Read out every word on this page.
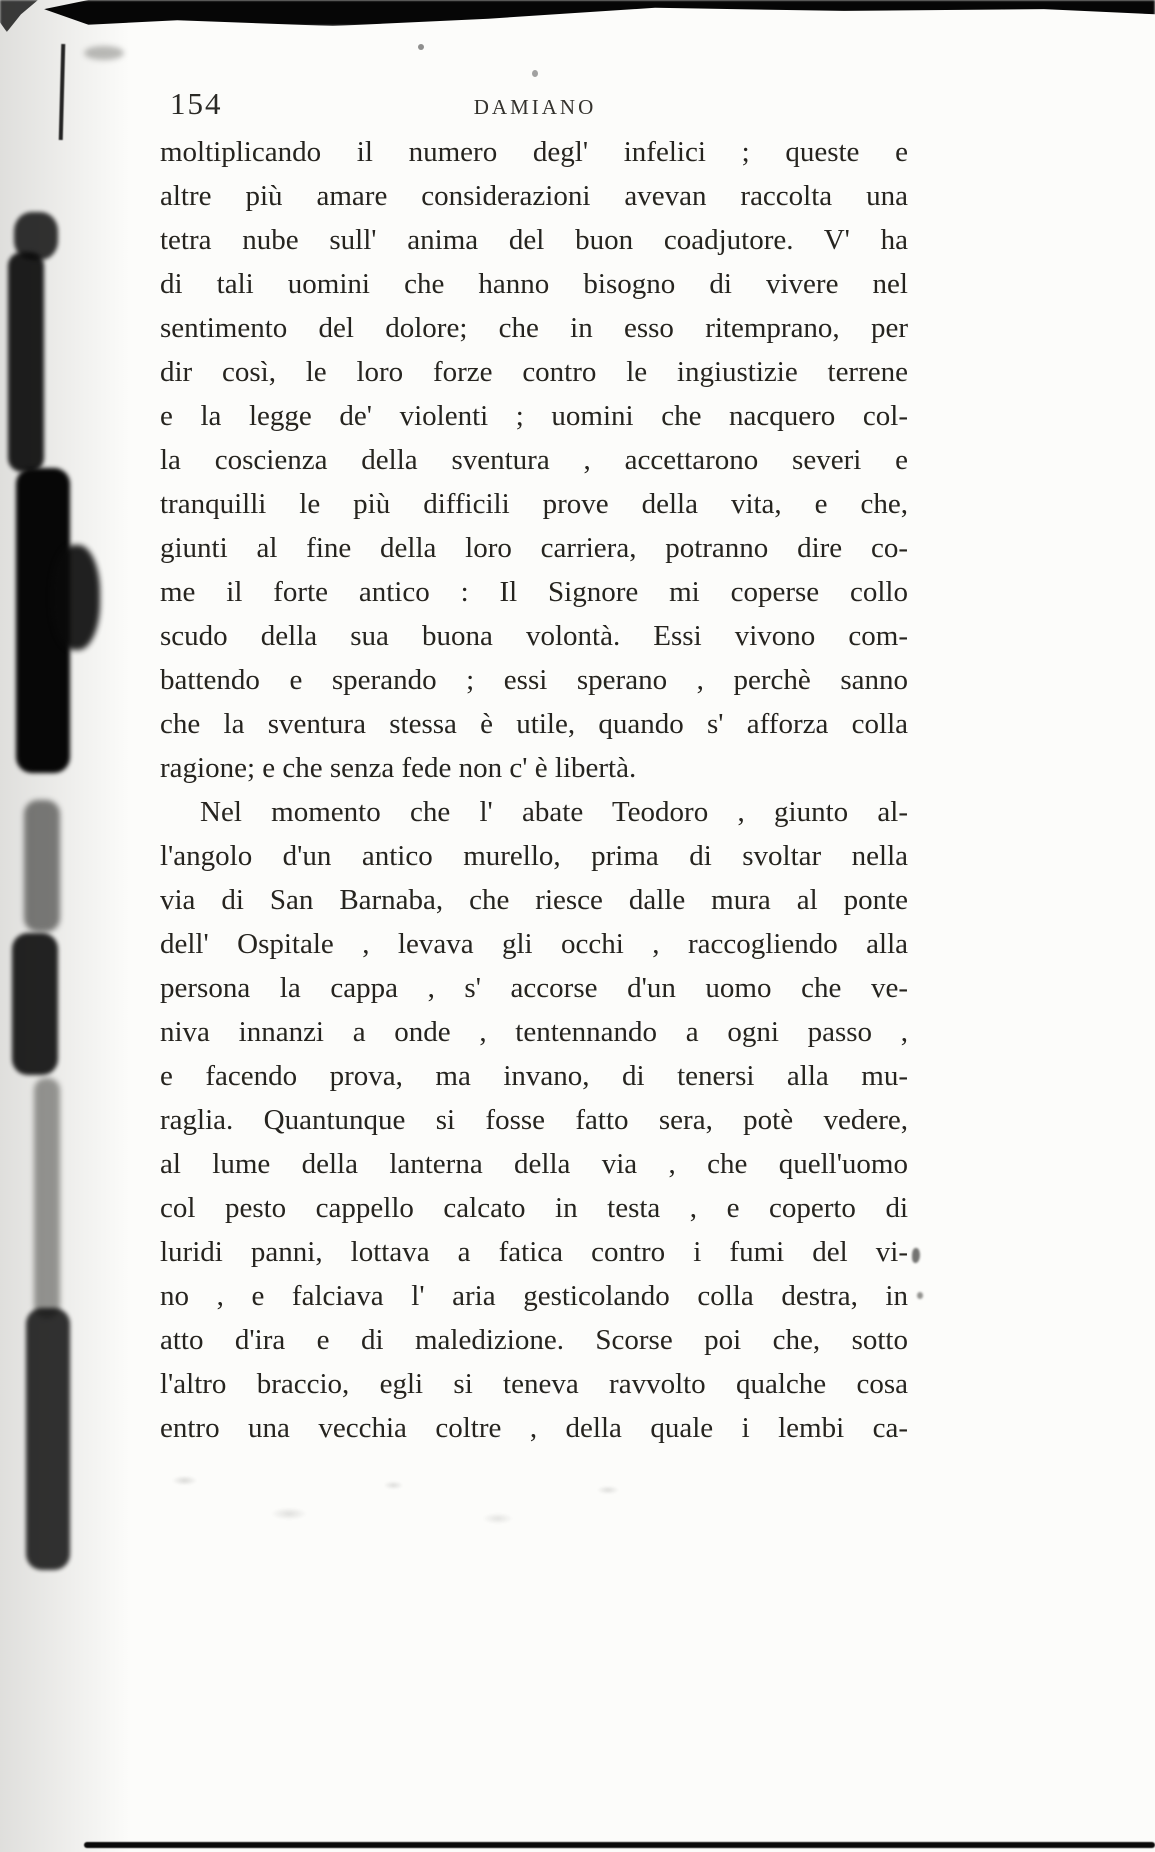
154	DAMIANO
moltiplicando il numero degl' infelici ; queste e
altre più amare considerazioni avevan raccolta una
tetra nube sull' anima del buon coadjutore. V' ha
di tali uomini che hanno bisogno di vivere nel
sentimento del dolore; che in esso ritemprano, per
dir così, le loro forze contro le ingiustizie terrene
e la legge de' violenti ; uomini che nacquero col-
la coscienza della sventura , accettarono severi e
tranquilli le più difficili prove della vita, e che,
giunti al fine della loro carriera, potranno dire co-
me il forte antico : Il Signore mi coperse collo
scudo della sua buona volontà. Essi vivono com-
battendo e sperando ; essi sperano , perchè sanno
che la sventura stessa è utile, quando s' afforza colla
ragione; e che senza fede non c' è libertà.
Nel momento che l' abate Teodoro , giunto al-
l'angolo d'un antico murello, prima di svoltar nella
via di San Barnaba, che riesce dalle mura al ponte
dell' Ospitale , levava gli occhi , raccogliendo alla
persona la cappa , s' accorse d'un uomo che ve-
niva innanzi a onde , tentennando a ogni passo ,
e facendo prova, ma invano, di tenersi alla mu-
raglia. Quantunque si fosse fatto sera, potè vedere,
al lume della lanterna della via , che quell'uomo
col pesto cappello calcato in testa , e coperto di
luridi panni, lottava a fatica contro i fumi del vi-
no , e falciava l' aria gesticolando colla destra, in
atto d'ira e di maledizione. Scorse poi che, sotto
l'altro braccio, egli si teneva ravvolto qualche cosa
entro una vecchia coltre , della quale i lembi ca-
